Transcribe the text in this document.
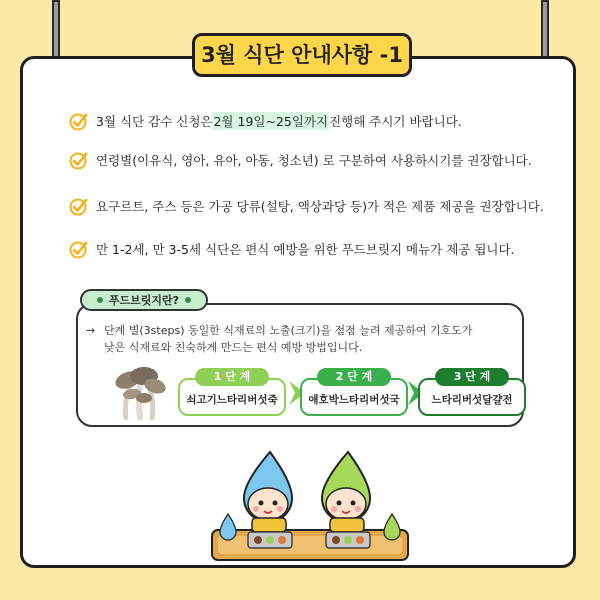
3월 식단 안내사항 -1
3월 식단 감수 신청은 2월 19일~25일까지 진행해 주시기 바랍니다.
연령별(이유식, 영아, 유아, 아동, 청소년) 로 구분하여 사용하시기를 권장합니다.
요구르트, 주스 등은 가공 당류(설탕, 액상과당 등)가 적은 제품 제공을 권장합니다.
만 1-2세, 만 3-5세 식단은 편식 예방을 위한 푸드브릿지 메뉴가 제공 됩니다.
푸드브릿지란?
→ 단계 별(3steps) 동일한 식재료의 노출(크기)을 점점 늘려 제공하여 기호도가
낮은 식재료와 친숙하게 만드는 편식 예방 방법입니다.
1 단 계
쇠고기느타리버섯죽
2 단 계
애호박느타리버섯국
3 단 계
느타리버섯달걀전
